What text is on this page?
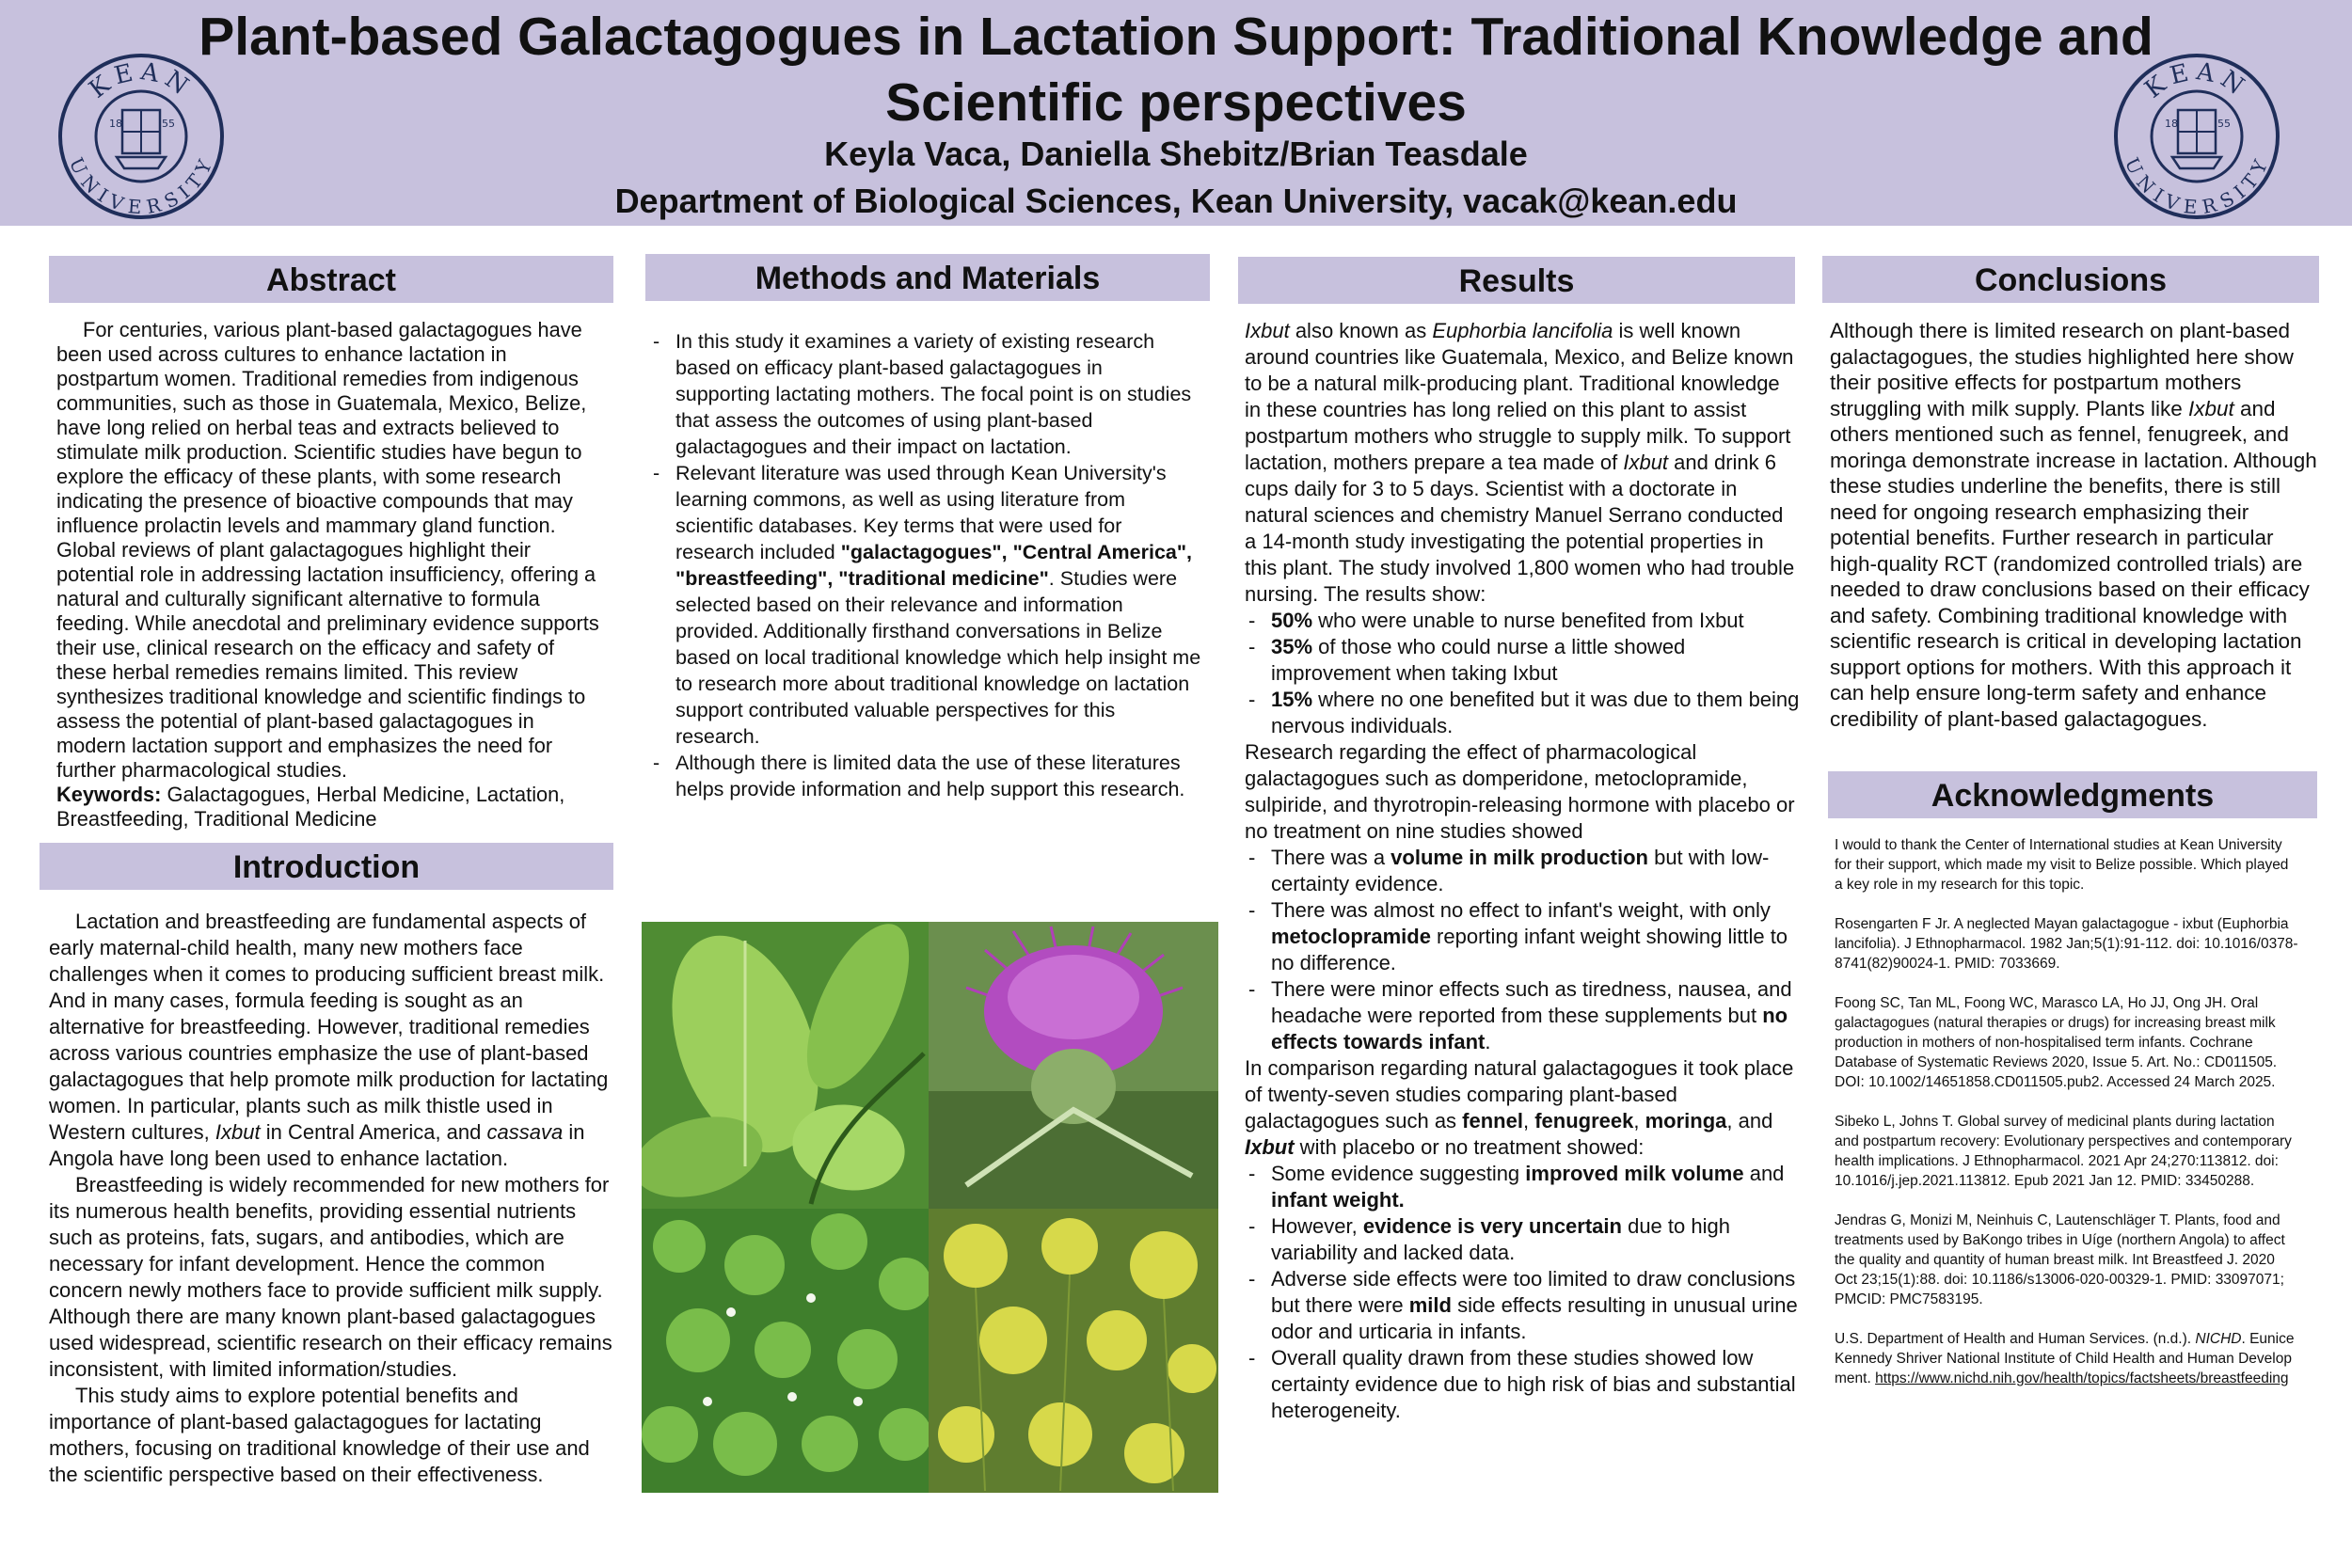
KEAN
UNIVERSITY
18	55
KEAN
UNIVERSITY
18	55
Plant-based Galactagogues in Lactation Support: Traditional Knowledge and Scientific perspectives
Keyla Vaca, Daniella Shebitz/Brian Teasdale
Department of Biological Sciences, Kean University, vacak@kean.edu
Abstract

For centuries, various plant-based galactagogues have been used across cultures to enhance lactation in postpartum women. Traditional remedies from indigenous communities, such as those in Guatemala, Mexico, Belize, have long relied on herbal teas and extracts believed to stimulate milk production. Scientific studies have begun to explore the efficacy of these plants, with some research indicating the presence of bioactive compounds that may influence prolactin levels and mammary gland function. Global reviews of plant galactagogues highlight their potential role in addressing lactation insufficiency, offering a natural and culturally significant alternative to formula feeding. While anecdotal and preliminary evidence supports their use, clinical research on the efficacy and safety of these herbal remedies remains limited. This review synthesizes traditional knowledge and scientific findings to assess the potential of plant-based galactagogues in modern lactation support and emphasizes the need for further pharmacological studies.

Keywords: Galactagogues, Herbal Medicine, Lactation, Breastfeeding, Traditional Medicine

Introduction

Lactation and breastfeeding are fundamental aspects of early maternal-child health, many new mothers face challenges when it comes to producing sufficient breast milk. And in many cases, formula feeding is sought as an alternative for breastfeeding. However, traditional remedies across various countries emphasize the use of plant-based galactagogues that help promote milk production for lactating women. In particular, plants such as milk thistle used in Western cultures, Ixbut in Central America, and cassava in Angola have long been used to enhance lactation.

Breastfeeding is widely recommended for new mothers for its numerous health benefits, providing essential nutrients such as proteins, fats, sugars, and antibodies, which are necessary for infant development. Hence the common concern newly mothers face to provide sufficient milk supply. Although there are many known plant-based galactagogues used widespread, scientific research on their efficacy remains inconsistent, with limited information/studies.

This study aims to explore potential benefits and importance of plant-based galactagogues for lactating mothers, focusing on traditional knowledge of their use and the scientific perspective based on their effectiveness.

Methods and Materials
- In this study it examines a variety of existing research based on efficacy plant-based galactagogues in supporting lactating mothers. The focal point is on studies that assess the outcomes of using plant-based galactagogues and their impact on lactation.
- Relevant literature was used through Kean University's learning commons, as well as using literature from scientific databases. Key terms that were used for research included "galactagogues", "Central America", "breastfeeding", "traditional medicine". Studies were selected based on their relevance and information provided. Additionally firsthand conversations in Belize based on local traditional knowledge which help insight me to research more about traditional knowledge on lactation support contributed valuable perspectives for this research.
- Although there is limited data the use of these literatures helps provide information and help support this research.
Results

Ixbut also known as Euphorbia lancifolia is well known around countries like Guatemala, Mexico, and Belize known to be a natural milk-producing plant. Traditional knowledge in these countries has long relied on this plant to assist postpartum mothers who struggle to supply milk. To support lactation, mothers prepare a tea made of Ixbut and drink 6 cups daily for 3 to 5 days. Scientist with a doctorate in natural sciences and chemistry Manuel Serrano conducted a 14-month study investigating the potential properties in this plant. The study involved 1,800 women who had trouble nursing. The results show:

- 50% who were unable to nurse benefited from Ixbut
- 35% of those who could nurse a little showed improvement when taking Ixbut
- 15% where no one benefited but it was due to them being nervous individuals.

Research regarding the effect of pharmacological galactagogues such as domperidone, metoclopramide, sulpiride, and thyrotropin-releasing hormone with placebo or no treatment on nine studies showed

- There was a volume in milk production but with low-certainty evidence.
- There was almost no effect to infant's weight, with only metoclopramide reporting infant weight showing little to no difference.
- There were minor effects such as tiredness, nausea, and headache were reported from these supplements but no effects towards infant.

In comparison regarding natural galactagogues it took place of twenty-seven studies comparing plant-based galactagogues such as fennel, fenugreek, moringa, and Ixbut with placebo or no treatment showed:

- Some evidence suggesting improved milk volume and infant weight.
- However, evidence is very uncertain due to high variability and lacked data.
- Adverse side effects were too limited to draw conclusions but there were mild side effects resulting in unusual urine odor and urticaria in infants.
- Overall quality drawn from these studies showed low certainty evidence due to high risk of bias and substantial heterogeneity.
Conclusions

Although there is limited research on plant-based galactagogues, the studies highlighted here show their positive effects for postpartum mothers struggling with milk supply. Plants like Ixbut and others mentioned such as fennel, fenugreek, and moringa demonstrate increase in lactation. Although these studies underline the benefits, there is still need for ongoing research emphasizing their potential benefits. Further research in particular high-quality RCT (randomized controlled trials) are needed to draw conclusions based on their efficacy and safety. Combining traditional knowledge with scientific research is critical in developing lactation support options for mothers. With this approach it can help ensure long-term safety and enhance credibility of plant-based galactagogues.

Acknowledgments

I would to thank the Center of International studies at Kean University for their support, which made my visit to Belize possible. Which played a key role in my research for this topic.

Rosengarten F Jr. A neglected Mayan galactagogue - ixbut (Euphorbia lancifolia). J Ethnopharmacol. 1982 Jan;5(1):91-112. doi: 10.1016/0378-8741(82)90024-1. PMID: 7033669.

Foong SC, Tan ML, Foong WC, Marasco LA, Ho JJ, Ong JH. Oral galactagogues (natural therapies or drugs) for increasing breast milk production in mothers of non-hospitalised term infants. Cochrane Database of Systematic Reviews 2020, Issue 5. Art. No.: CD011505. DOI: 10.1002/14651858.CD011505.pub2. Accessed 24 March 2025.

Sibeko L, Johns T. Global survey of medicinal plants during lactation and postpartum recovery: Evolutionary perspectives and contemporary health implications. J Ethnopharmacol. 2021 Apr 24;270:113812. doi: 10.1016/j.jep.2021.113812. Epub 2021 Jan 12. PMID: 33450288.

Jendras G, Monizi M, Neinhuis C, Lautenschläger T. Plants, food and treatments used by BaKongo tribes in Uíge (northern Angola) to affect the quality and quantity of human breast milk. Int Breastfeed J. 2020 Oct 23;15(1):88. doi: 10.1186/s13006-020-00329-1. PMID: 33097071; PMCID: PMC7583195.

U.S. Department of Health and Human Services. (n.d.). NICHD. Eunice Kennedy Shriver National Institute of Child Health and Human Development. https://www.nichd.nih.gov/health/topics/factsheets/breastfeeding
